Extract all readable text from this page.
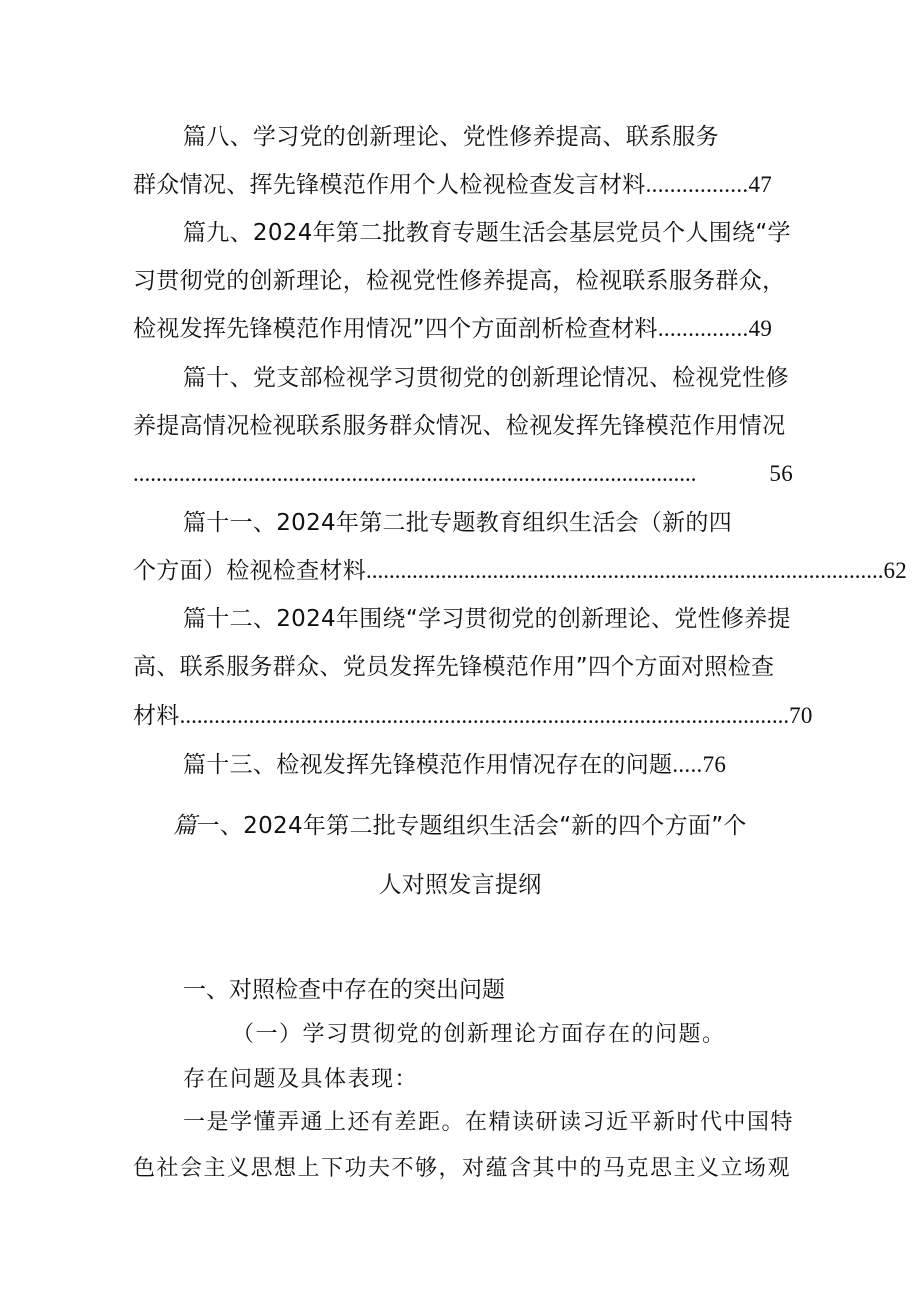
篇八、学习党的创新理论、党性修养提高、联系服务
群众情况、挥先锋模范作用个人检视检查发言材料.................47
篇九、2024年第二批教育专题生活会基层党员个人围绕“学
习贯彻党的创新理论，检视党性修养提高，检视联系服务群众，
检视发挥先锋模范作用情况”四个方面剖析检查材料...............49
篇十、党支部检视学习贯彻党的创新理论情况、检视党性修
养提高情况检视联系服务群众情况、检视发挥先锋模范作用情况
..................................................................................................	56
篇十一、2024年第二批专题教育组织生活会（新的四
个方面）检视检查材料 .......................................................................................... 62
篇十二、2024年围绕“学习贯彻党的创新理论、党性修养提
高、联系服务群众、党员发挥先锋模范作用”四个方面对照检查
材料 .......................................................................................................... 70
篇十三、检视发挥先锋模范作用情况存在的问题.....76
篇一、2024年第二批专题组织生活会“新的四个方面”个
人对照发言提纲
一、对照检查中存在的突出问题
（一）学习贯彻党的创新理论方面存在的问题。
存在问题及具体表现：
一是学懂弄通上还有差距。在精读研读习近平新时代中国特
色社会主义思想上下功夫不够，对蕴含其中的马克思主义立场观
